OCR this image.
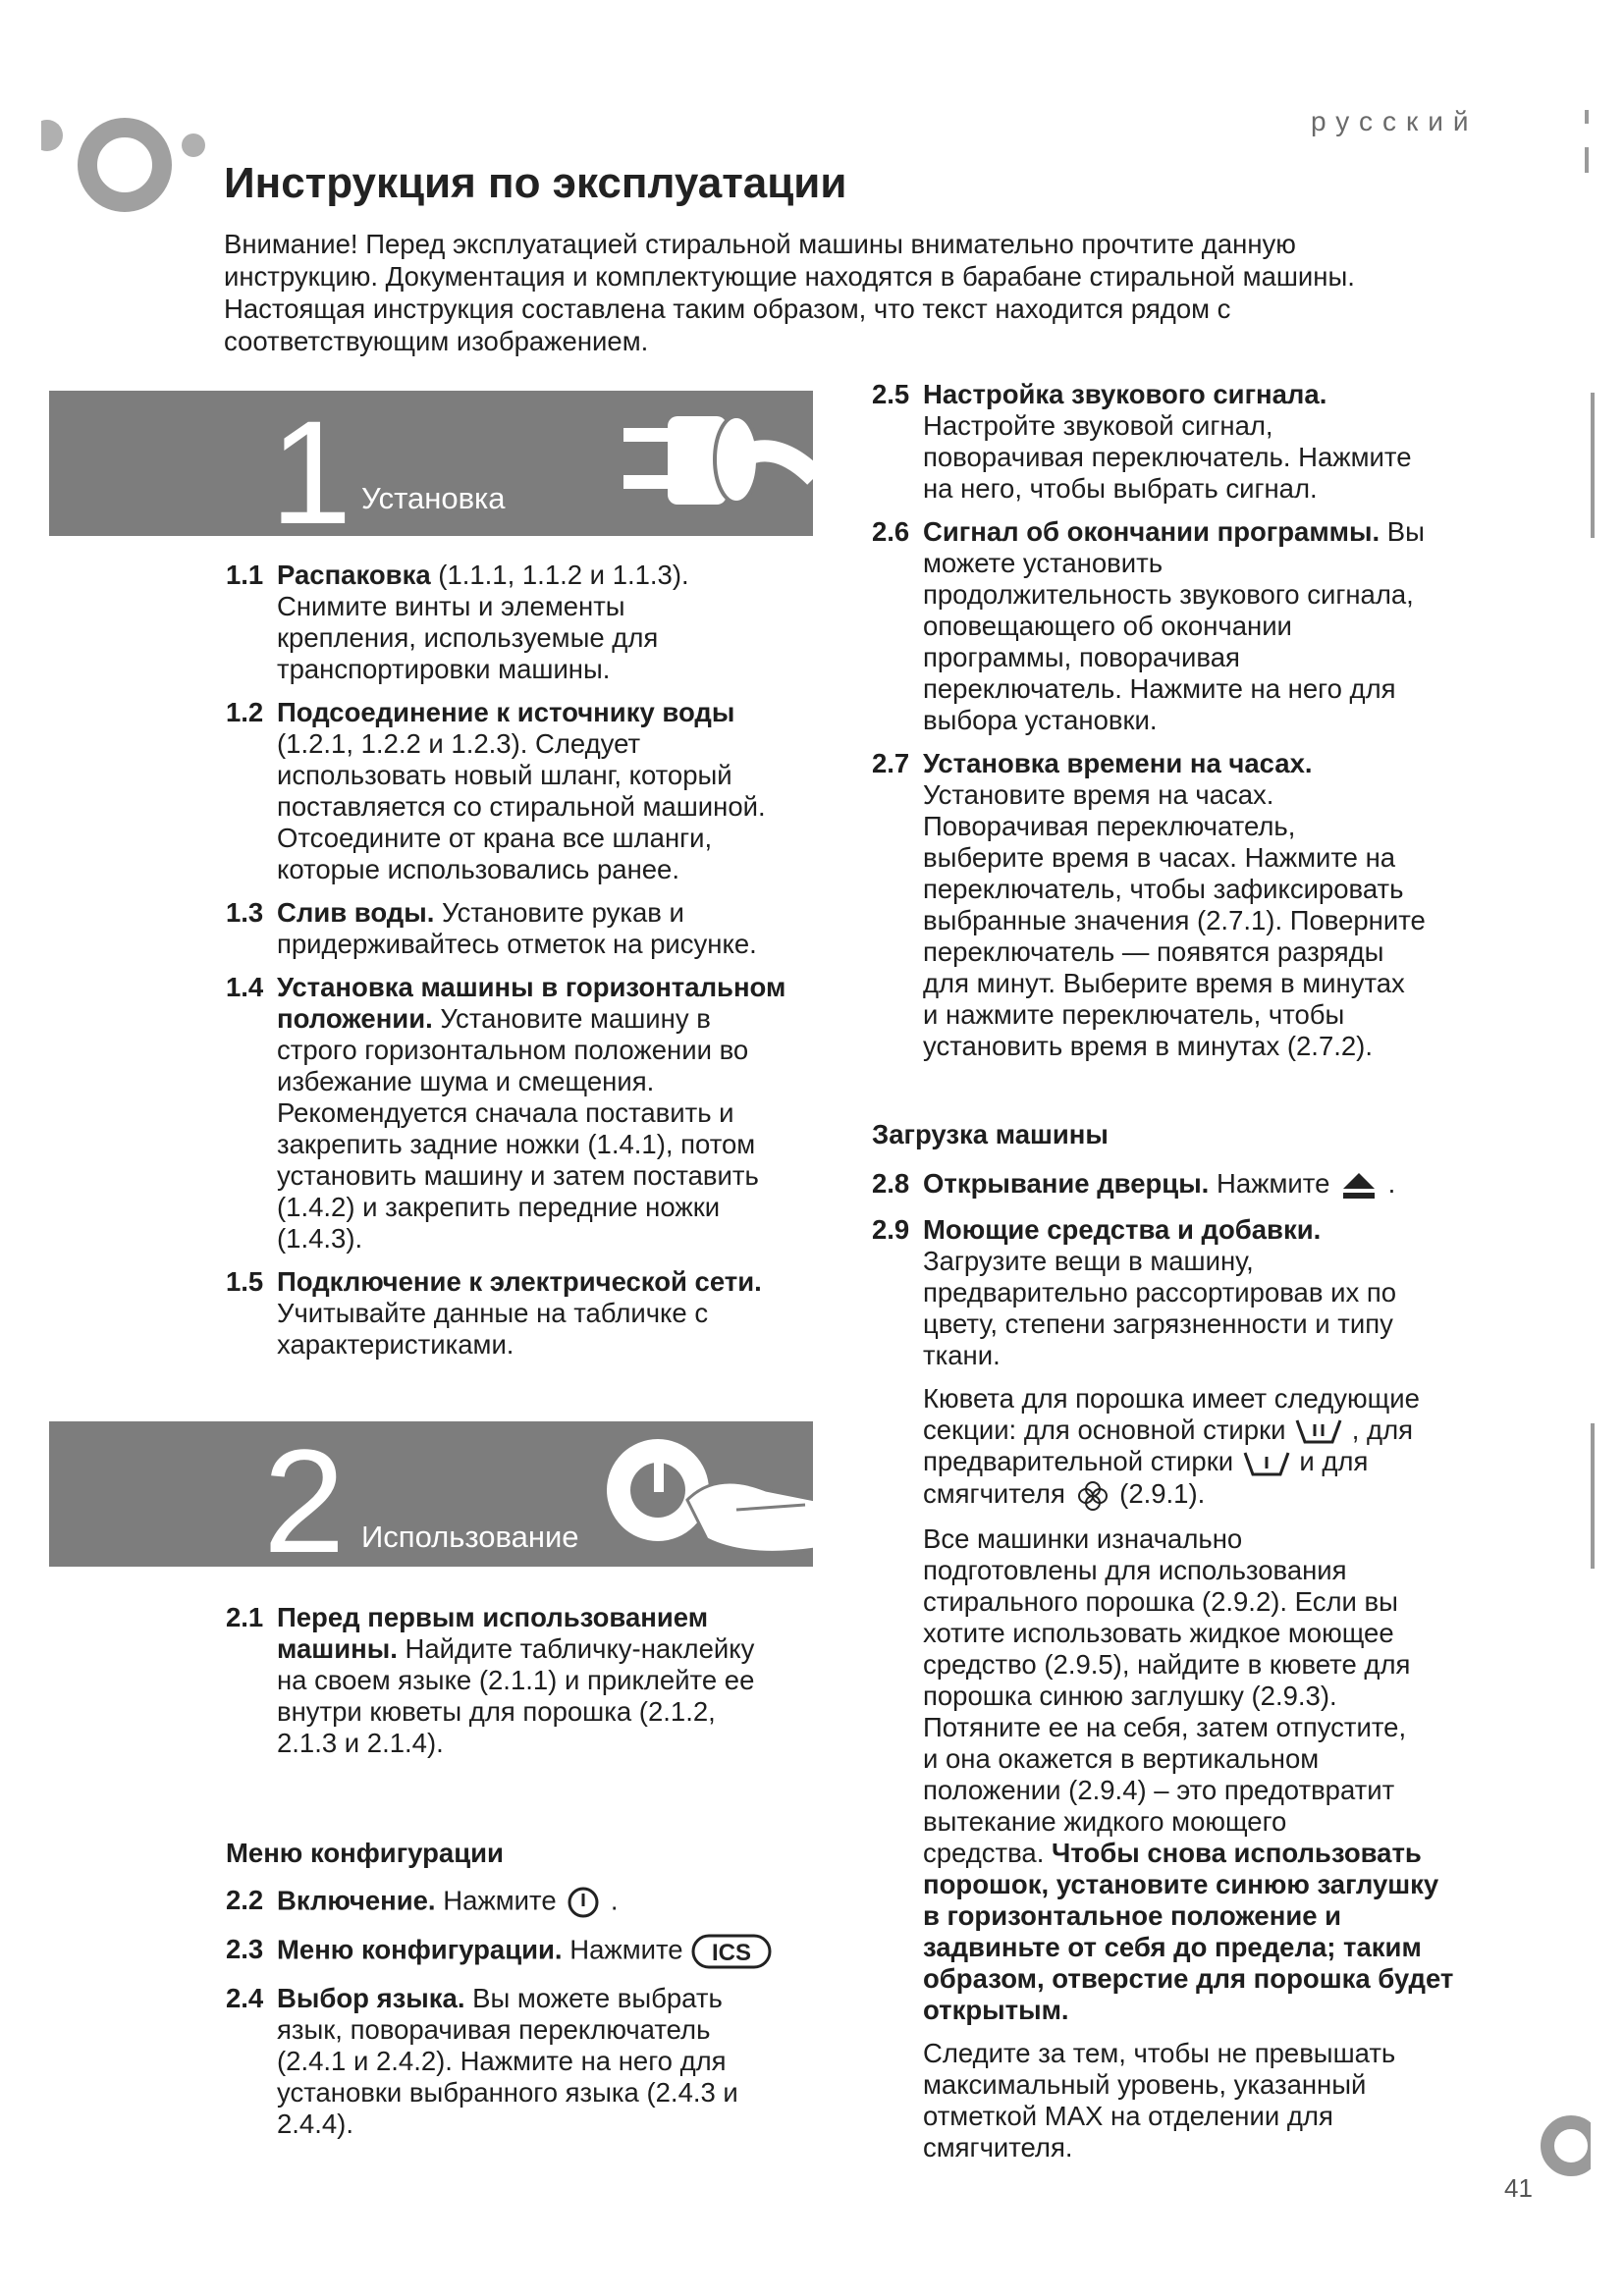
русский
Инструкция по эксплуатации

Внимание! Перед эксплуатацией стиральной машины внимательно прочтите данную

инструкцию. Документация и комплектующие находятся в барабане стиральной машины.

Настоящая инструкция составлена таким образом, что текст находится рядом с

соответствующим изображением.

1 Установка
1.1 Распаковка (1.1.1, 1.1.2 и 1.1.3).
Снимите винты и элементы
крепления, используемые для
транспортировки машины.
1.2 Подсоединение к источнику воды
(1.2.1, 1.2.2 и 1.2.3). Следует
использовать новый шланг, который
поставляется со стиральной машиной.
Отсоедините от крана все шланги,
которые использовались ранее.
1.3 Слив воды. Установите рукав и
придерживайтесь отметок на рисунке.
1.4 Установка машины в горизонтальном
положении. Установите машину в
строго горизонтальном положении во
избежание шума и смещения.
Рекомендуется сначала поставить и
закрепить задние ножки (1.4.1), потом
установить машину и затем поставить
(1.4.2) и закрепить передние ножки
(1.4.3).
1.5 Подключение к электрической сети.
Учитывайте данные на табличке с
характеристиками.
2 Использование
2.1 Перед первым использованием
машины. Найдите табличку-наклейку
на своем языке (2.1.1) и приклейте ее
внутри кюветы для порошка (2.1.2,
2.1.3 и 2.1.4).
Меню конфигурации
2.2 Включение. Нажмите .
2.3 Меню конфигурации. Нажмите ICS
2.4 Выбор языка. Вы можете выбрать
язык, поворачивая переключатель
(2.4.1 и 2.4.2). Нажмите на него для
установки выбранного языка (2.4.3 и
2.4.4).
2.5 Настройка звукового сигнала.
Настройте звуковой сигнал,
поворачивая переключатель. Нажмите
на него, чтобы выбрать сигнал.
2.6 Сигнал об окончании программы. Вы
можете установить
продолжительность звукового сигнала,
оповещающего об окончании
программы, поворачивая
переключатель. Нажмите на него для
выбора установки.
2.7 Установка времени на часах.
Установите время на часах.
Поворачивая переключатель,
выберите время в часах. Нажмите на
переключатель, чтобы зафиксировать
выбранные значения (2.7.1). Поверните
переключатель — появятся разряды
для минут. Выберите время в минутах
и нажмите переключатель, чтобы
установить время в минутах (2.7.2).
Загрузка машины
2.8 Открывание дверцы. Нажмите .
2.9 Моющие средства и добавки.
Загрузите вещи в машину,
предварительно рассортировав их по
цвету, степени загрязненности и типу
ткани.
Кювета для порошка имеет следующие
секции: для основной стирки , для
предварительной стирки  и для
смягчителя  (2.9.1).
Все машинки изначально
подготовлены для использования
стирального порошка (2.9.2). Если вы
хотите использовать жидкое моющее
средство (2.9.5), найдите в кювете для
порошка синюю заглушку (2.9.3).
Потяните ее на себя, затем отпустите,
и она окажется в вертикальном
положении (2.9.4) – это предотвратит
вытекание жидкого моющего
средства. Чтобы снова использовать
порошок, установите синюю заглушку
в горизонтальное положение и
задвиньте от себя до предела; таким
образом, отверстие для порошка будет
открытым.
Следите за тем, чтобы не превышать
максимальный уровень, указанный
отметкой MAX на отделении для
смягчителя.
41
